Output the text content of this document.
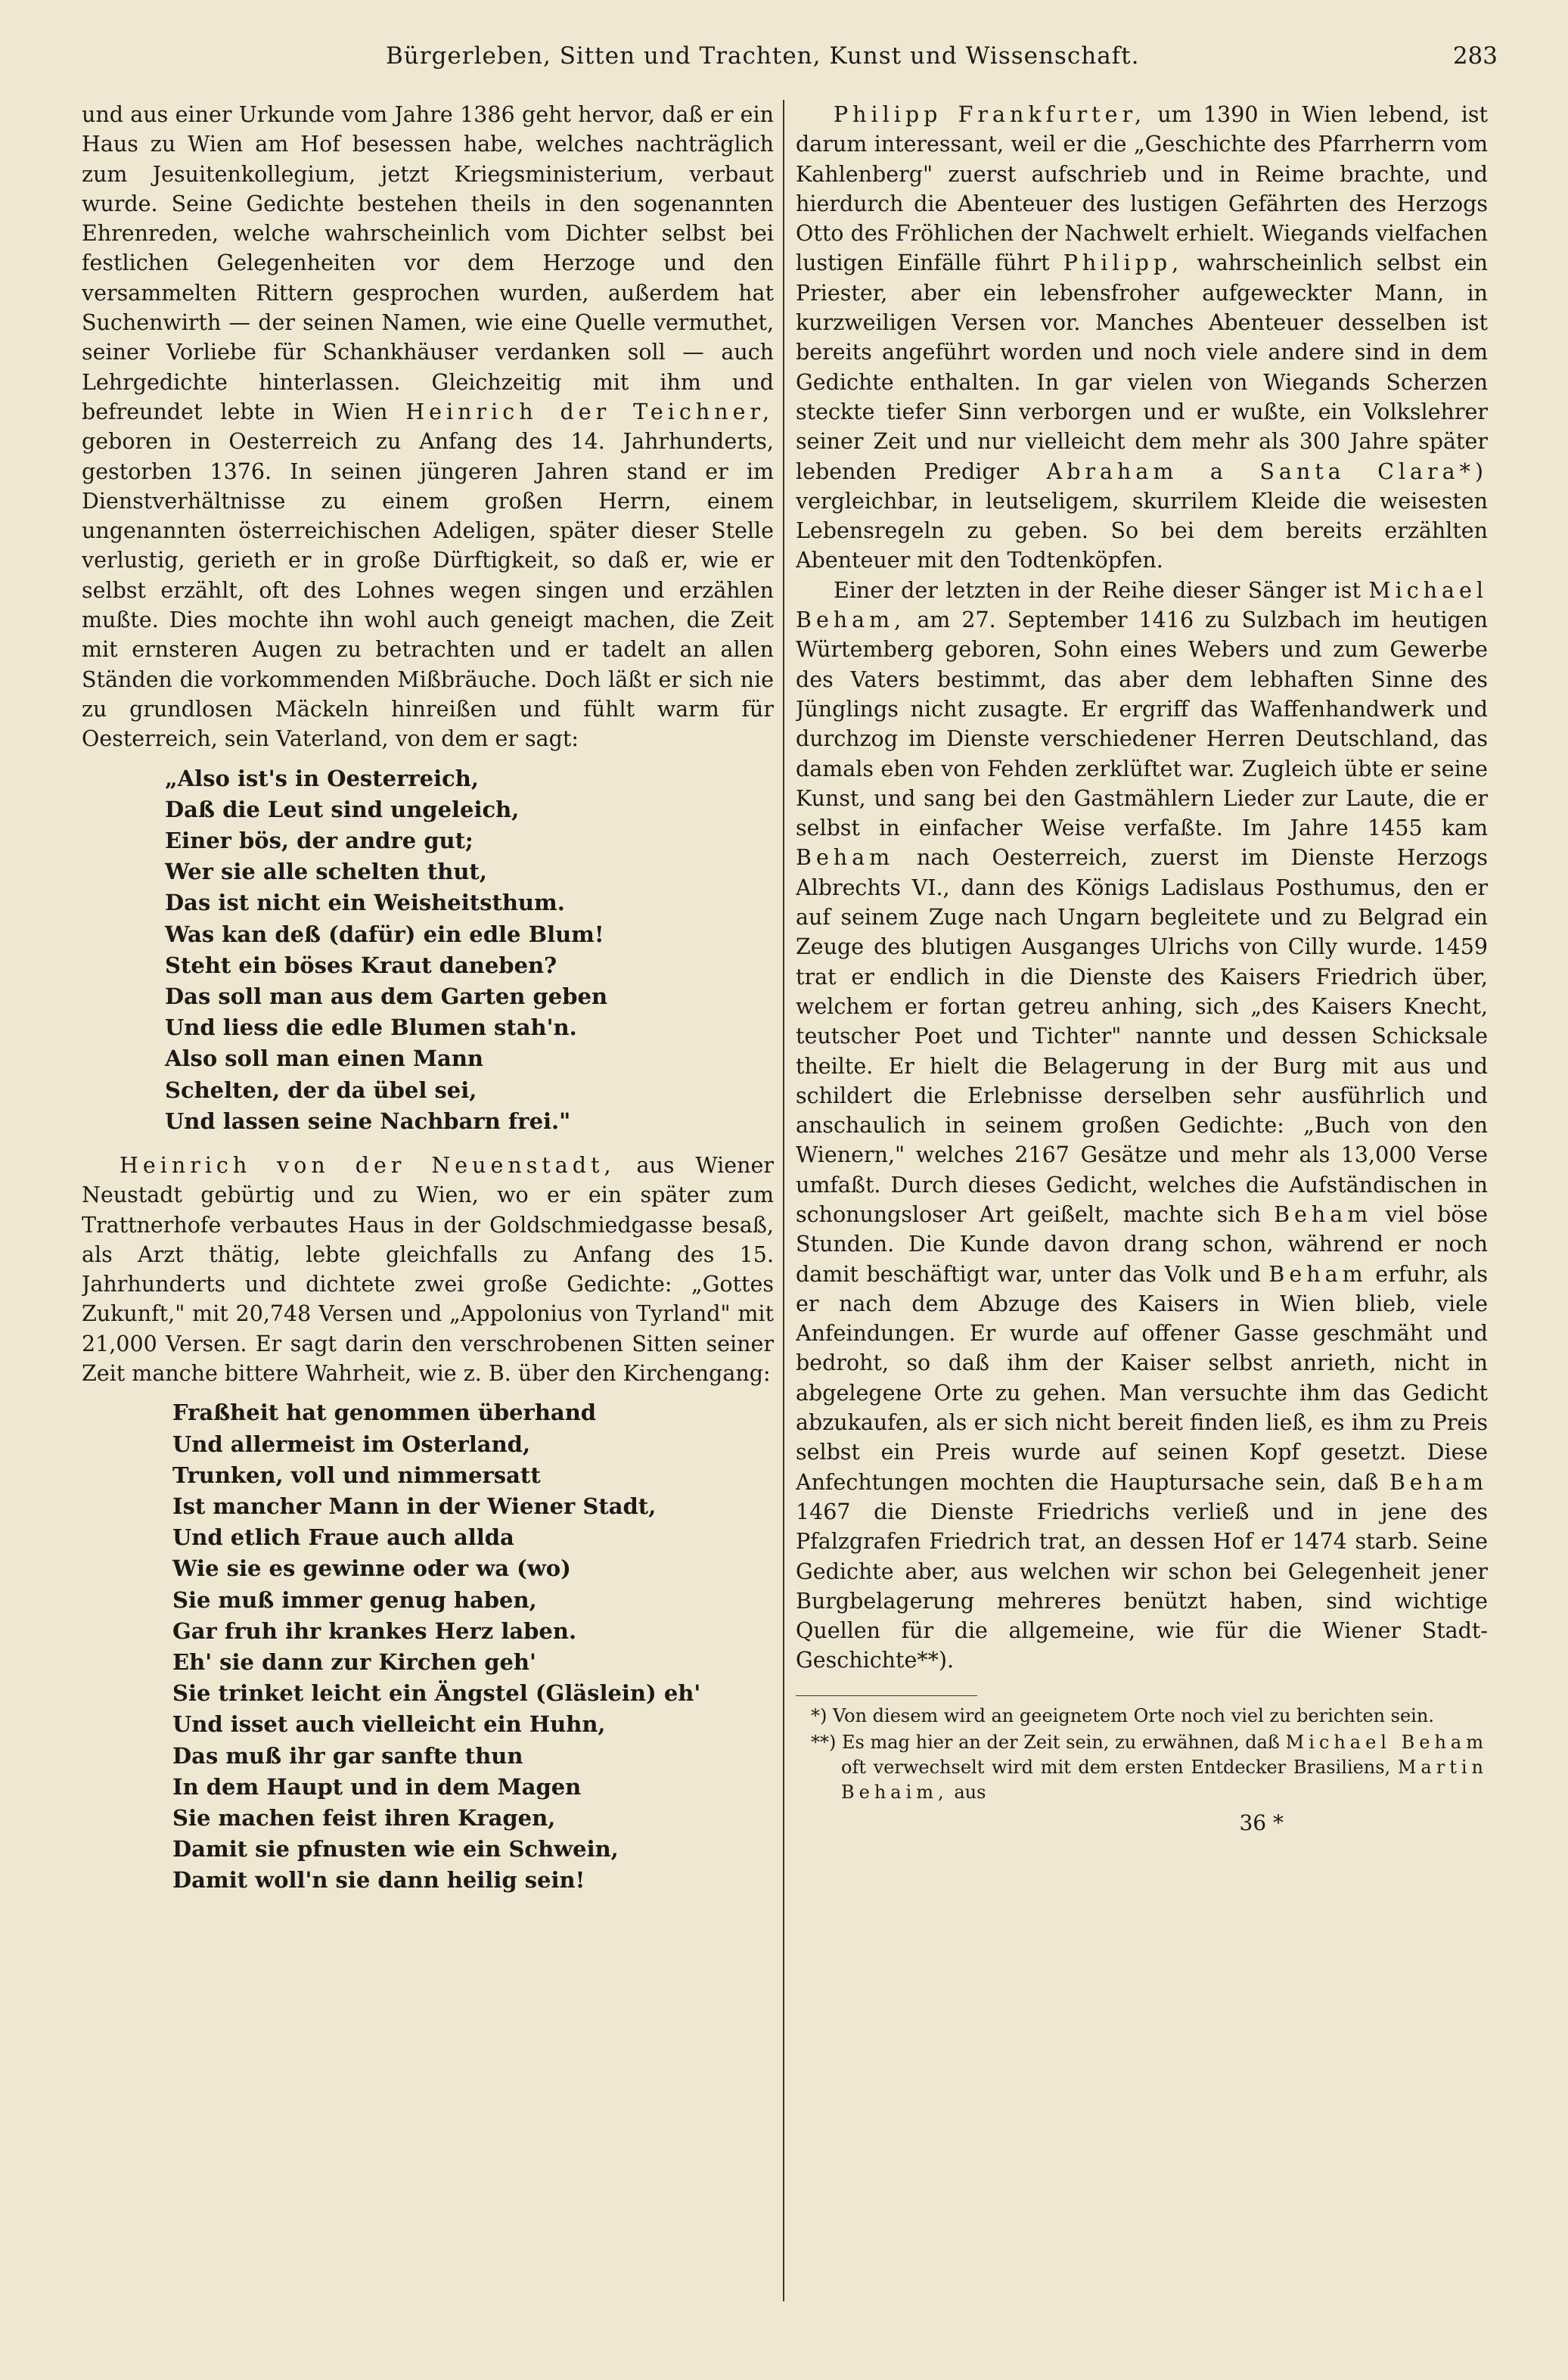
Bürgerleben, Sitten und Trachten, Kunst und Wissenschaft.	283

und aus einer Urkunde vom Jahre 1386 geht hervor, daß er ein Haus zu Wien am Hof besessen habe, welches nachträglich zum Jesuitenkollegium, jetzt Kriegsministerium, verbaut wurde. Seine Gedichte bestehen theils in den sogenannten Ehrenreden, welche wahrscheinlich vom Dichter selbst bei festlichen Gelegenheiten vor dem Herzoge und den versammelten Rittern gesprochen wurden, außerdem hat Suchenwirth — der seinen Namen, wie eine Quelle vermuthet, seiner Vorliebe für Schankhäuser verdanken soll — auch Lehrgedichte hinterlassen. Gleichzeitig mit ihm und befreundet lebte in Wien Heinrich der Teichner, geboren in Oesterreich zu Anfang des 14. Jahrhunderts, gestorben 1376. In seinen jüngeren Jahren stand er im Dienstverhältnisse zu einem großen Herrn, einem ungenannten österreichischen Adeligen, später dieser Stelle verlustig, gerieth er in große Dürftigkeit, so daß er, wie er selbst erzählt, oft des Lohnes wegen singen und erzählen mußte. Dies mochte ihn wohl auch geneigt machen, die Zeit mit ernsteren Augen zu betrachten und er tadelt an allen Ständen die vorkommenden Mißbräuche. Doch läßt er sich nie zu grundlosen Mäckeln hinreißen und fühlt warm für Oesterreich, sein Vaterland, von dem er sagt:

„Also ist's in Oesterreich,
Daß die Leut sind ungeleich,
Einer bös, der andre gut;
Wer sie alle schelten thut,
Das ist nicht ein Weisheitsthum.
Was kan deß (dafür) ein edle Blum!
Steht ein böses Kraut daneben?
Das soll man aus dem Garten geben
Und liess die edle Blumen stah'n.
Also soll man einen Mann
Schelten, der da übel sei,
Und lassen seine Nachbarn frei."

Heinrich von der Neuenstadt, aus Wiener Neustadt gebürtig und zu Wien, wo er ein später zum Trattnerhofe verbautes Haus in der Goldschmiedgasse besaß, als Arzt thätig, lebte gleichfalls zu Anfang des 15. Jahrhunderts und dichtete zwei große Gedichte: „Gottes Zukunft," mit 20,748 Versen und „Appolonius von Tyrland" mit 21,000 Versen. Er sagt darin den verschrobenen Sitten seiner Zeit manche bittere Wahrheit, wie z. B. über den Kirchengang:

Fraßheit hat genommen überhand
Und allermeist im Osterland,
Trunken, voll und nimmersatt
Ist mancher Mann in der Wiener Stadt,
Und etlich Fraue auch allda
Wie sie es gewinne oder wa (wo)
Sie muß immer genug haben,
Gar fruh ihr krankes Herz laben.
Eh' sie dann zur Kirchen geh'
Sie trinket leicht ein Ängstel (Gläslein) eh'
Und isset auch vielleicht ein Huhn,
Das muß ihr gar sanfte thun
In dem Haupt und in dem Magen
Sie machen feist ihren Kragen,
Damit sie pfnusten wie ein Schwein,
Damit woll'n sie dann heilig sein!

Philipp Frankfurter, um 1390 in Wien lebend, ist darum interessant, weil er die „Geschichte des Pfarrherrn vom Kahlenberg" zuerst aufschrieb und in Reime brachte, und hierdurch die Abenteuer des lustigen Gefährten des Herzogs Otto des Fröhlichen der Nachwelt erhielt. Wiegands vielfachen lustigen Einfälle führt Philipp, wahrscheinlich selbst ein Priester, aber ein lebensfroher aufgeweckter Mann, in kurzweiligen Versen vor. Manches Abenteuer desselben ist bereits angeführt worden und noch viele andere sind in dem Gedichte enthalten. In gar vielen von Wiegands Scherzen steckte tiefer Sinn verborgen und er wußte, ein Volkslehrer seiner Zeit und nur vielleicht dem mehr als 300 Jahre später lebenden Prediger Abraham a Santa Clara*) vergleichbar, in leutseligem, skurrilem Kleide die weisesten Lebensregeln zu geben. So bei dem bereits erzählten Abenteuer mit den Todtenköpfen.

Einer der letzten in der Reihe dieser Sänger ist Michael Beham, am 27. September 1416 zu Sulzbach im heutigen Würtemberg geboren, Sohn eines Webers und zum Gewerbe des Vaters bestimmt, das aber dem lebhaften Sinne des Jünglings nicht zusagte. Er ergriff das Waffenhandwerk und durchzog im Dienste verschiedener Herren Deutschland, das damals eben von Fehden zerklüftet war. Zugleich übte er seine Kunst, und sang bei den Gastmählern Lieder zur Laute, die er selbst in einfacher Weise verfaßte. Im Jahre 1455 kam Beham nach Oesterreich, zuerst im Dienste Herzogs Albrechts VI., dann des Königs Ladislaus Posthumus, den er auf seinem Zuge nach Ungarn begleitete und zu Belgrad ein Zeuge des blutigen Ausganges Ulrichs von Cilly wurde. 1459 trat er endlich in die Dienste des Kaisers Friedrich über, welchem er fortan getreu anhing, sich „des Kaisers Knecht, teutscher Poet und Tichter" nannte und dessen Schicksale theilte. Er hielt die Belagerung in der Burg mit aus und schildert die Erlebnisse derselben sehr ausführlich und anschaulich in seinem großen Gedichte: „Buch von den Wienern," welches 2167 Gesätze und mehr als 13,000 Verse umfaßt. Durch dieses Gedicht, welches die Aufständischen in schonungsloser Art geißelt, machte sich Beham viel böse Stunden. Die Kunde davon drang schon, während er noch damit beschäftigt war, unter das Volk und Beham erfuhr, als er nach dem Abzuge des Kaisers in Wien blieb, viele Anfeindungen. Er wurde auf offener Gasse geschmäht und bedroht, so daß ihm der Kaiser selbst anrieth, nicht in abgelegene Orte zu gehen. Man versuchte ihm das Gedicht abzukaufen, als er sich nicht bereit finden ließ, es ihm zu Preis selbst ein Preis wurde auf seinen Kopf gesetzt. Diese Anfechtungen mochten die Hauptursache sein, daß Beham 1467 die Dienste Friedrichs verließ und in jene des Pfalzgrafen Friedrich trat, an dessen Hof er 1474 starb. Seine Gedichte aber, aus welchen wir schon bei Gelegenheit jener Burgbelagerung mehreres benützt haben, sind wichtige Quellen für die allgemeine, wie für die Wiener Stadt-Geschichte**).

*) Von diesem wird an geeignetem Orte noch viel zu berichten sein.
**) Es mag hier an der Zeit sein, zu erwähnen, daß Michael Beham oft verwechselt wird mit dem ersten Entdecker Brasiliens, Martin Behaim, aus
36 *
